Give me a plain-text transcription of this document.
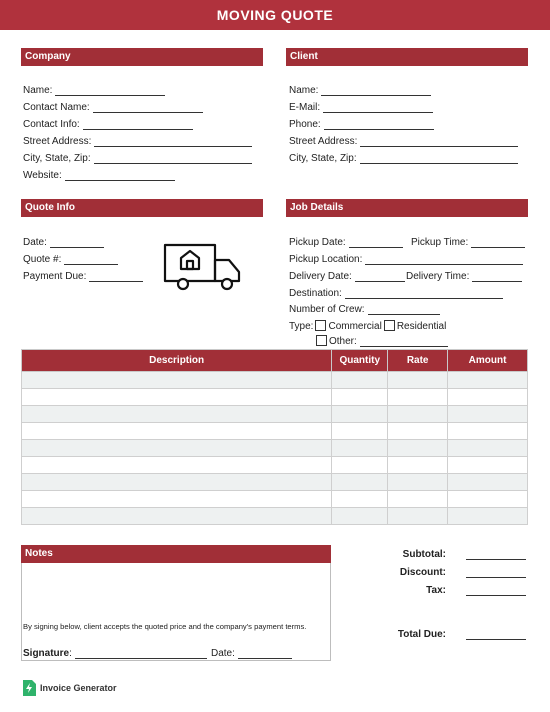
MOVING QUOTE
Company
Name:
Contact Name:
Contact Info:
Street Address:
City, State, Zip:
Website:
Client
Name:
E-Mail:
Phone:
Street Address:
City, State, Zip:
Quote Info
Date:
Quote #:
Payment Due:
Job Details
Pickup Date:	Pickup Time:
Pickup Location:
Delivery Date:	Delivery Time:
Destination:
Number of Crew:
Type: Commercial Residential
Other:
Description	Quantity	Rate	Amount

Notes
By signing below, client accepts the quoted price and the company's payment terms.
Signature :	Date:
Subtotal:
Discount:
Tax:
Total Due:
Invoice Generator
